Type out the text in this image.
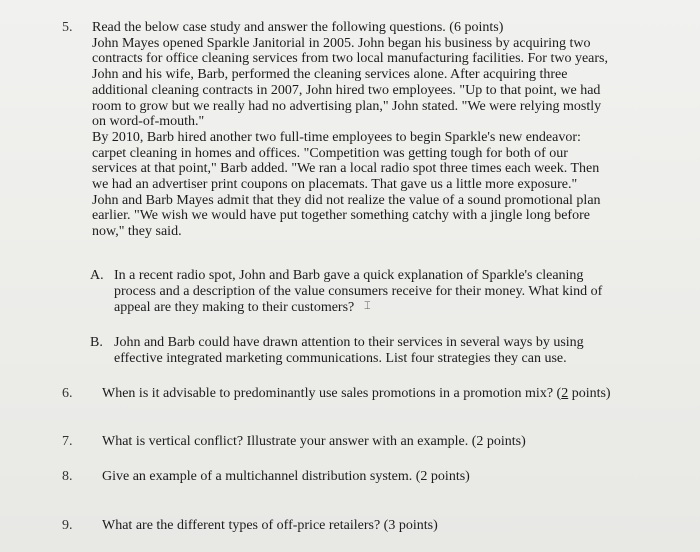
5. Read the below case study and answer the following questions. (6 points)
John Mayes opened Sparkle Janitorial in 2005. John began his business by acquiring two
contracts for office cleaning services from two local manufacturing facilities. For two years,
John and his wife, Barb, performed the cleaning services alone. After acquiring three
additional cleaning contracts in 2007, John hired two employees. "Up to that point, we had
room to grow but we really had no advertising plan," John stated. "We were relying mostly
on word-of-mouth."
By 2010, Barb hired another two full-time employees to begin Sparkle's new endeavor:
carpet cleaning in homes and offices. "Competition was getting tough for both of our
services at that point," Barb added. "We ran a local radio spot three times each week. Then
we had an advertiser print coupons on placemats. That gave us a little more exposure."
John and Barb Mayes admit that they did not realize the value of a sound promotional plan
earlier. "We wish we would have put together something catchy with a jingle long before
now," they said.
A. In a recent radio spot, John and Barb gave a quick explanation of Sparkle's cleaning
process and a description of the value consumers receive for their money. What kind of
appeal are they making to their customers? ⌶
B. John and Barb could have drawn attention to their services in several ways by using
effective integrated marketing communications. List four strategies they can use.
6. When is it advisable to predominantly use sales promotions in a promotion mix? (2 points)
7. What is vertical conflict? Illustrate your answer with an example. (2 points)
8. Give an example of a multichannel distribution system. (2 points)
9. What are the different types of off-price retailers? (3 points)
